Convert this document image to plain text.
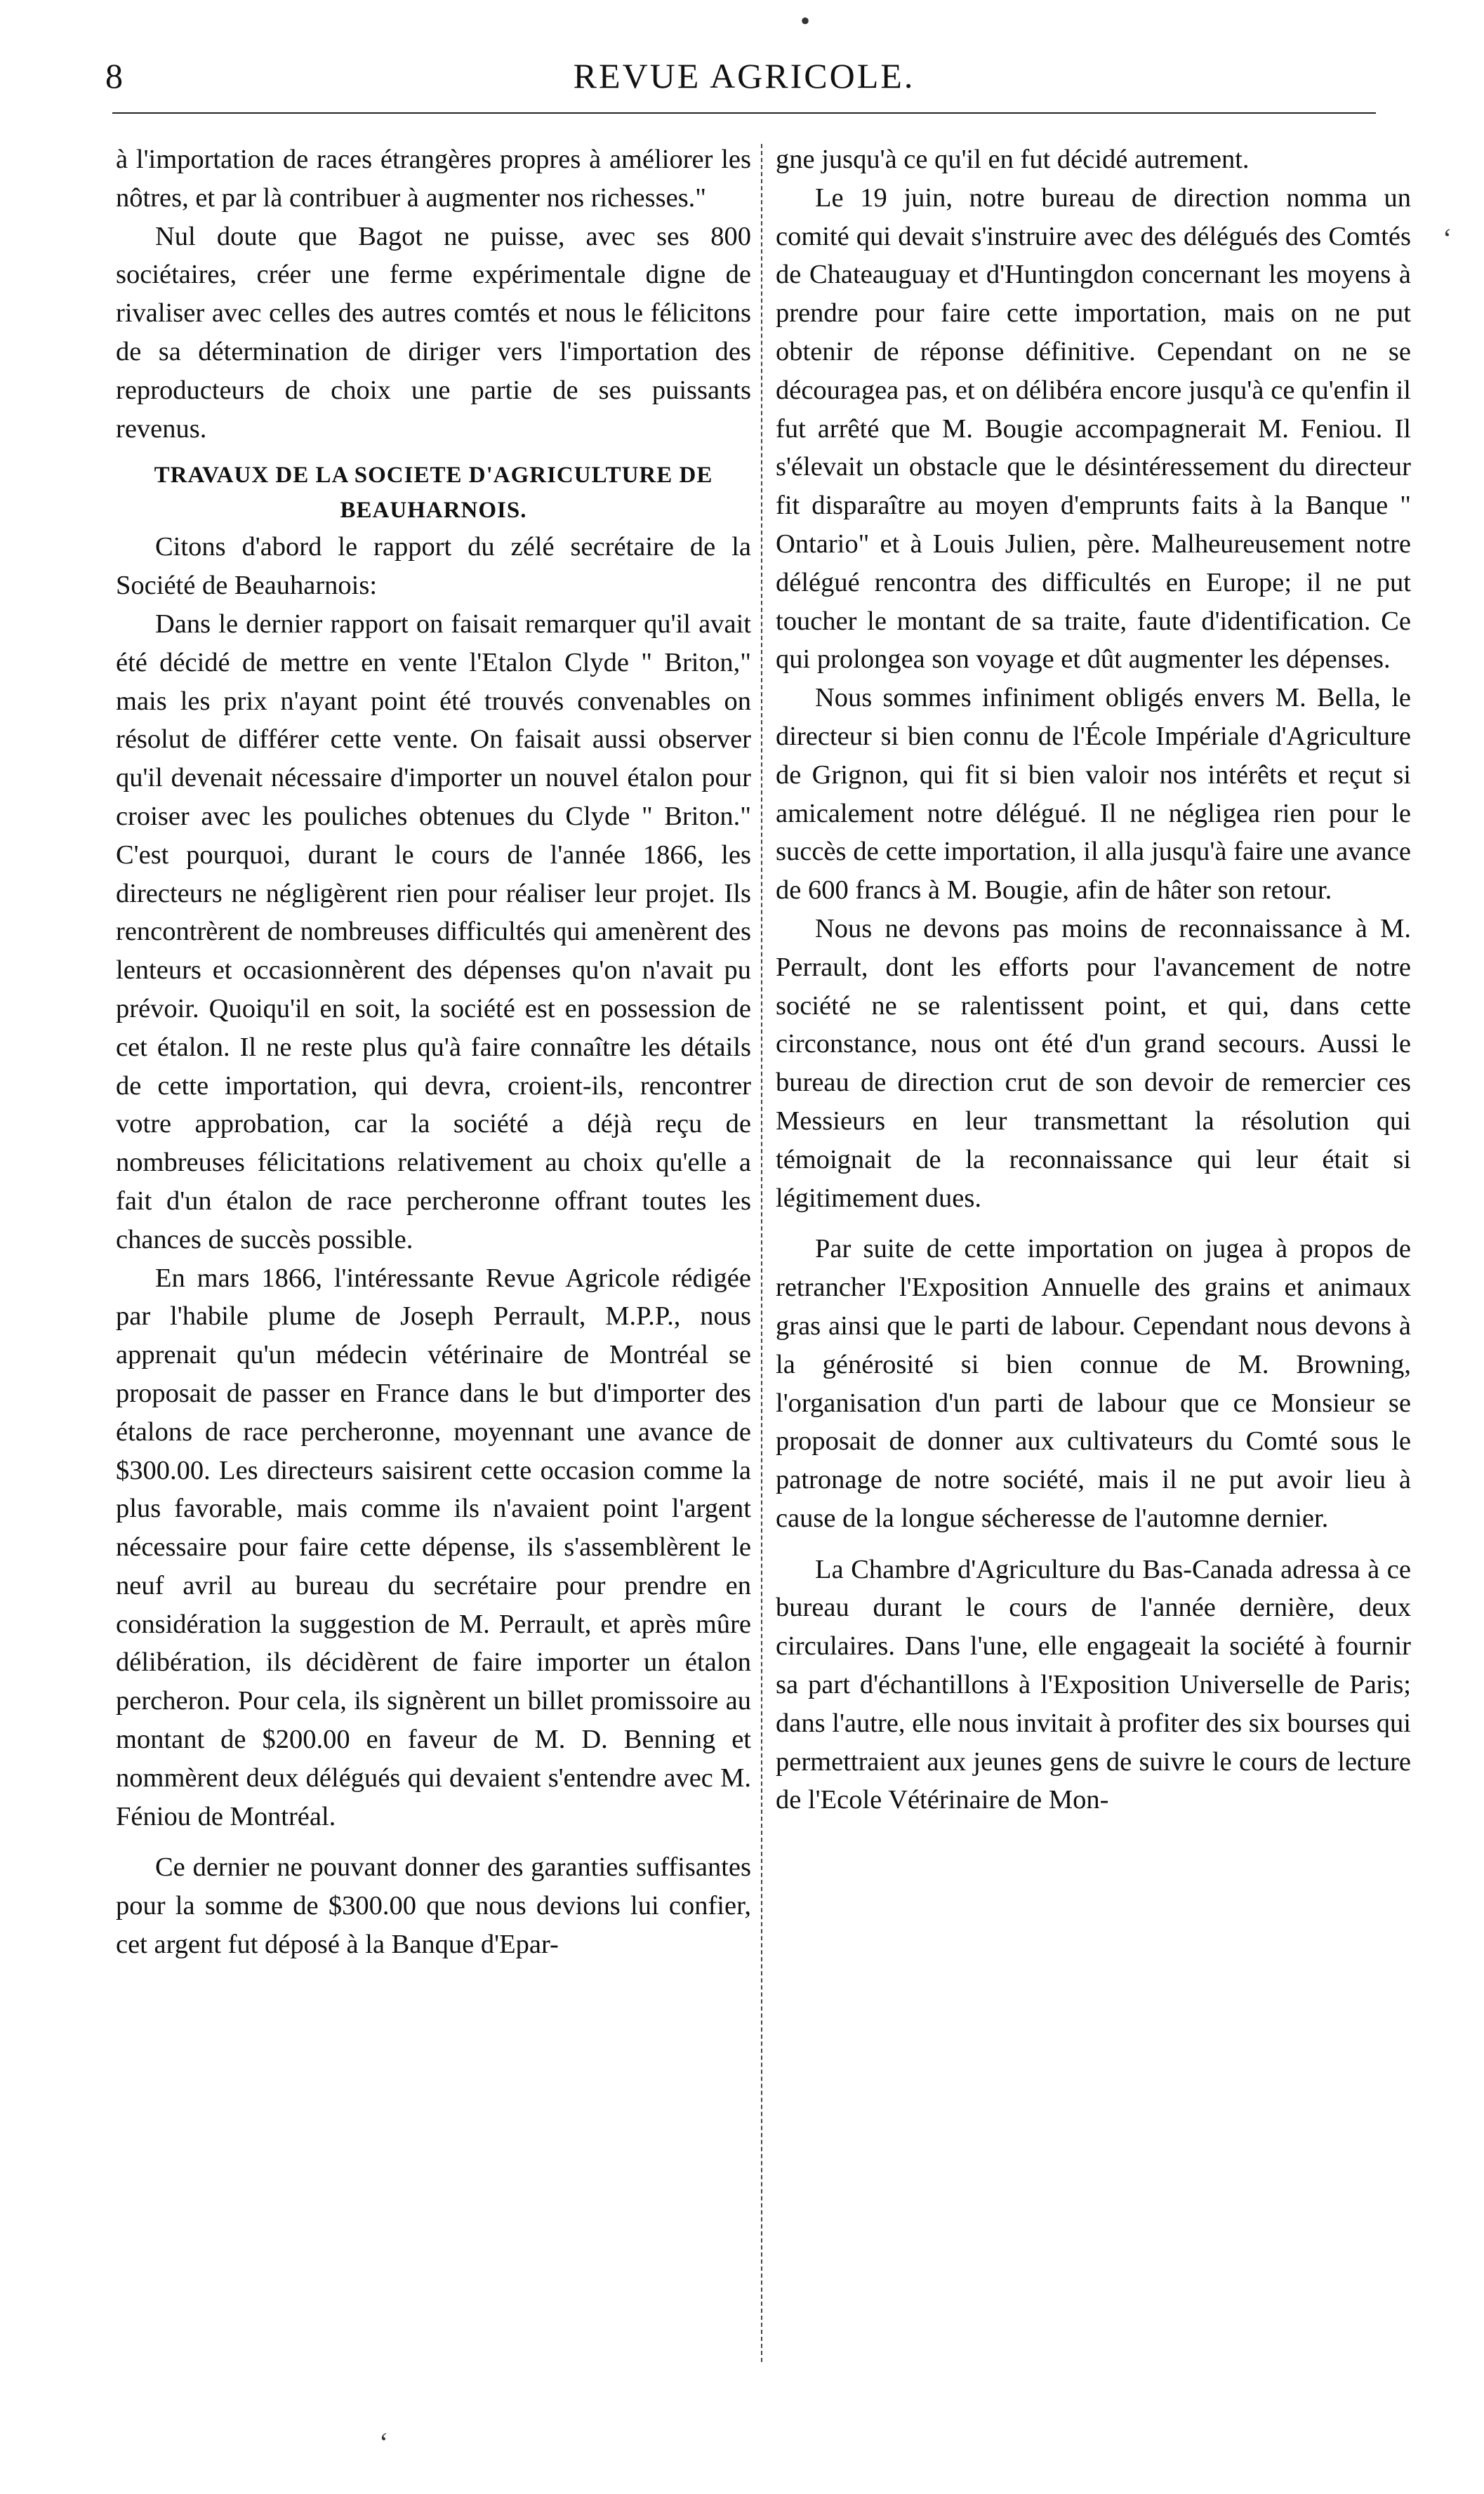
•
‘
‘
8	REVUE AGRICOLE.

à l'importation de races étrangères propres à améliorer les nôtres, et par là contribuer à augmenter nos richesses."

Nul doute que Bagot ne puisse, avec ses 800 sociétaires, créer une ferme expérimentale digne de rivaliser avec celles des autres comtés et nous le félicitons de sa détermination de diriger vers l'importation des reproducteurs de choix une partie de ses puissants revenus.

TRAVAUX DE LA SOCIETE D'AGRICULTURE DE BEAUHARNOIS.

Citons d'abord le rapport du zélé secrétaire de la Société de Beauharnois:

Dans le dernier rapport on faisait remarquer qu'il avait été décidé de mettre en vente l'Etalon Clyde " Briton," mais les prix n'ayant point été trouvés convenables on résolut de différer cette vente. On faisait aussi observer qu'il devenait nécessaire d'importer un nouvel étalon pour croiser avec les pouliches obtenues du Clyde " Briton." C'est pourquoi, durant le cours de l'année 1866, les directeurs ne négligèrent rien pour réaliser leur projet. Ils rencontrèrent de nombreuses difficultés qui amenèrent des lenteurs et occasionnèrent des dépenses qu'on n'avait pu prévoir. Quoiqu'il en soit, la société est en possession de cet étalon. Il ne reste plus qu'à faire connaître les détails de cette importation, qui devra, croient-ils, rencontrer votre approbation, car la société a déjà reçu de nombreuses félicitations relativement au choix qu'elle a fait d'un étalon de race percheronne offrant toutes les chances de succès possible.

En mars 1866, l'intéressante Revue Agricole rédigée par l'habile plume de Joseph Perrault, M.P.P., nous apprenait qu'un médecin vétérinaire de Montréal se proposait de passer en France dans le but d'importer des étalons de race percheronne, moyennant une avance de $300.00. Les directeurs saisirent cette occasion comme la plus favorable, mais comme ils n'avaient point l'argent nécessaire pour faire cette dépense, ils s'assemblèrent le neuf avril au bureau du secrétaire pour prendre en considération la suggestion de M. Perrault, et après mûre délibération, ils décidèrent de faire importer un étalon percheron. Pour cela, ils signèrent un billet promissoire au montant de $200.00 en faveur de M. D. Benning et nommèrent deux délégués qui devaient s'entendre avec M. Féniou de Montréal.

Ce dernier ne pouvant donner des garanties suffisantes pour la somme de $300.00 que nous devions lui confier, cet argent fut déposé à la Banque d'Epar-

gne jusqu'à ce qu'il en fut décidé autrement.

Le 19 juin, notre bureau de direction nomma un comité qui devait s'instruire avec des délégués des Comtés de Chateauguay et d'Huntingdon concernant les moyens à prendre pour faire cette importation, mais on ne put obtenir de réponse définitive. Cependant on ne se découragea pas, et on délibéra encore jusqu'à ce qu'enfin il fut arrêté que M. Bougie accompagnerait M. Feniou. Il s'élevait un obstacle que le désintéressement du directeur fit disparaître au moyen d'emprunts faits à la Banque " Ontario" et à Louis Julien, père. Malheureusement notre délégué rencontra des difficultés en Europe; il ne put toucher le montant de sa traite, faute d'identification. Ce qui prolongea son voyage et dût augmenter les dépenses.

Nous sommes infiniment obligés envers M. Bella, le directeur si bien connu de l'École Impériale d'Agriculture de Grignon, qui fit si bien valoir nos intérêts et reçut si amicalement notre délégué. Il ne négligea rien pour le succès de cette importation, il alla jusqu'à faire une avance de 600 francs à M. Bougie, afin de hâter son retour.

Nous ne devons pas moins de reconnaissance à M. Perrault, dont les efforts pour l'avancement de notre société ne se ralentissent point, et qui, dans cette circonstance, nous ont été d'un grand secours. Aussi le bureau de direction crut de son devoir de remercier ces Messieurs en leur transmettant la résolution qui témoignait de la reconnaissance qui leur était si légitimement dues.

Par suite de cette importation on jugea à propos de retrancher l'Exposition Annuelle des grains et animaux gras ainsi que le parti de labour. Cependant nous devons à la générosité si bien connue de M. Browning, l'organisation d'un parti de labour que ce Monsieur se proposait de donner aux cultivateurs du Comté sous le patronage de notre société, mais il ne put avoir lieu à cause de la longue sécheresse de l'automne dernier.

La Chambre d'Agriculture du Bas-Canada adressa à ce bureau durant le cours de l'année dernière, deux circulaires. Dans l'une, elle engageait la société à fournir sa part d'échantillons à l'Exposition Universelle de Paris; dans l'autre, elle nous invitait à profiter des six bourses qui permettraient aux jeunes gens de suivre le cours de lecture de l'Ecole Vétérinaire de Mon-
